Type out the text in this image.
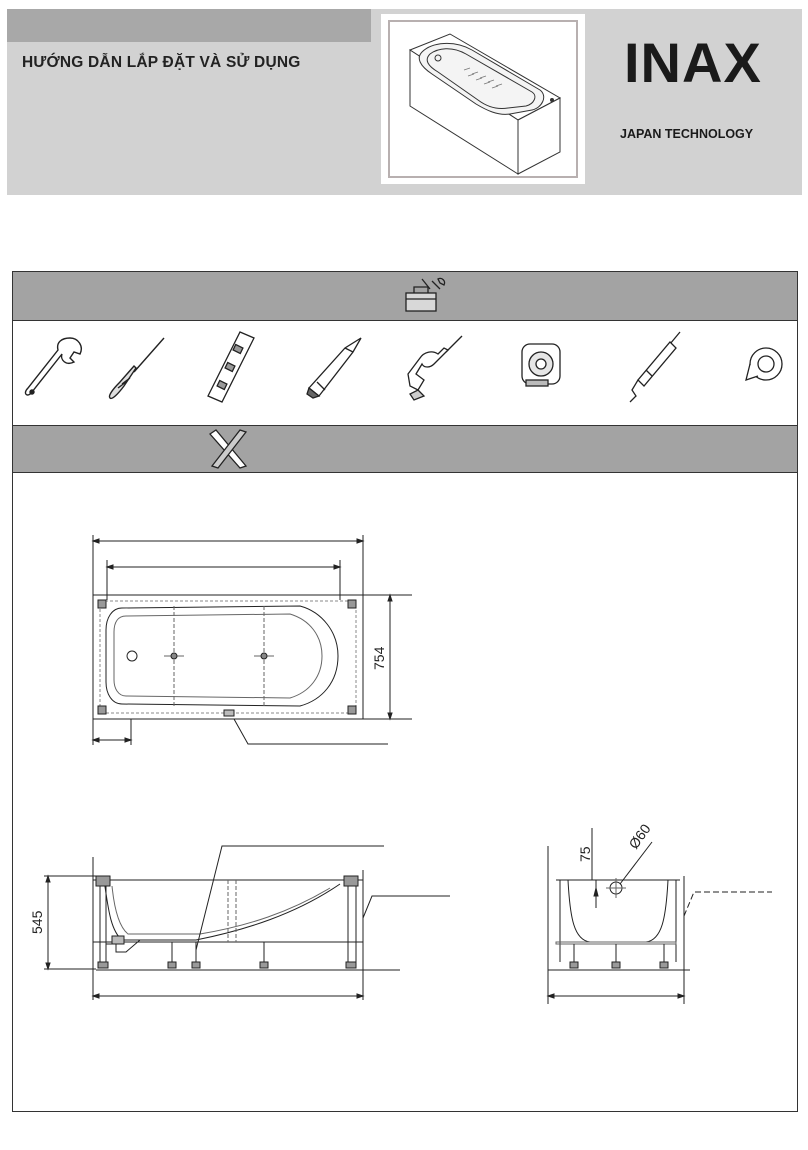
HƯỚNG DẪN LẮP ĐẶT VÀ SỬ DỤNG	INAX
JAPAN TECHNOLOGY
754
545
75
Ø60
